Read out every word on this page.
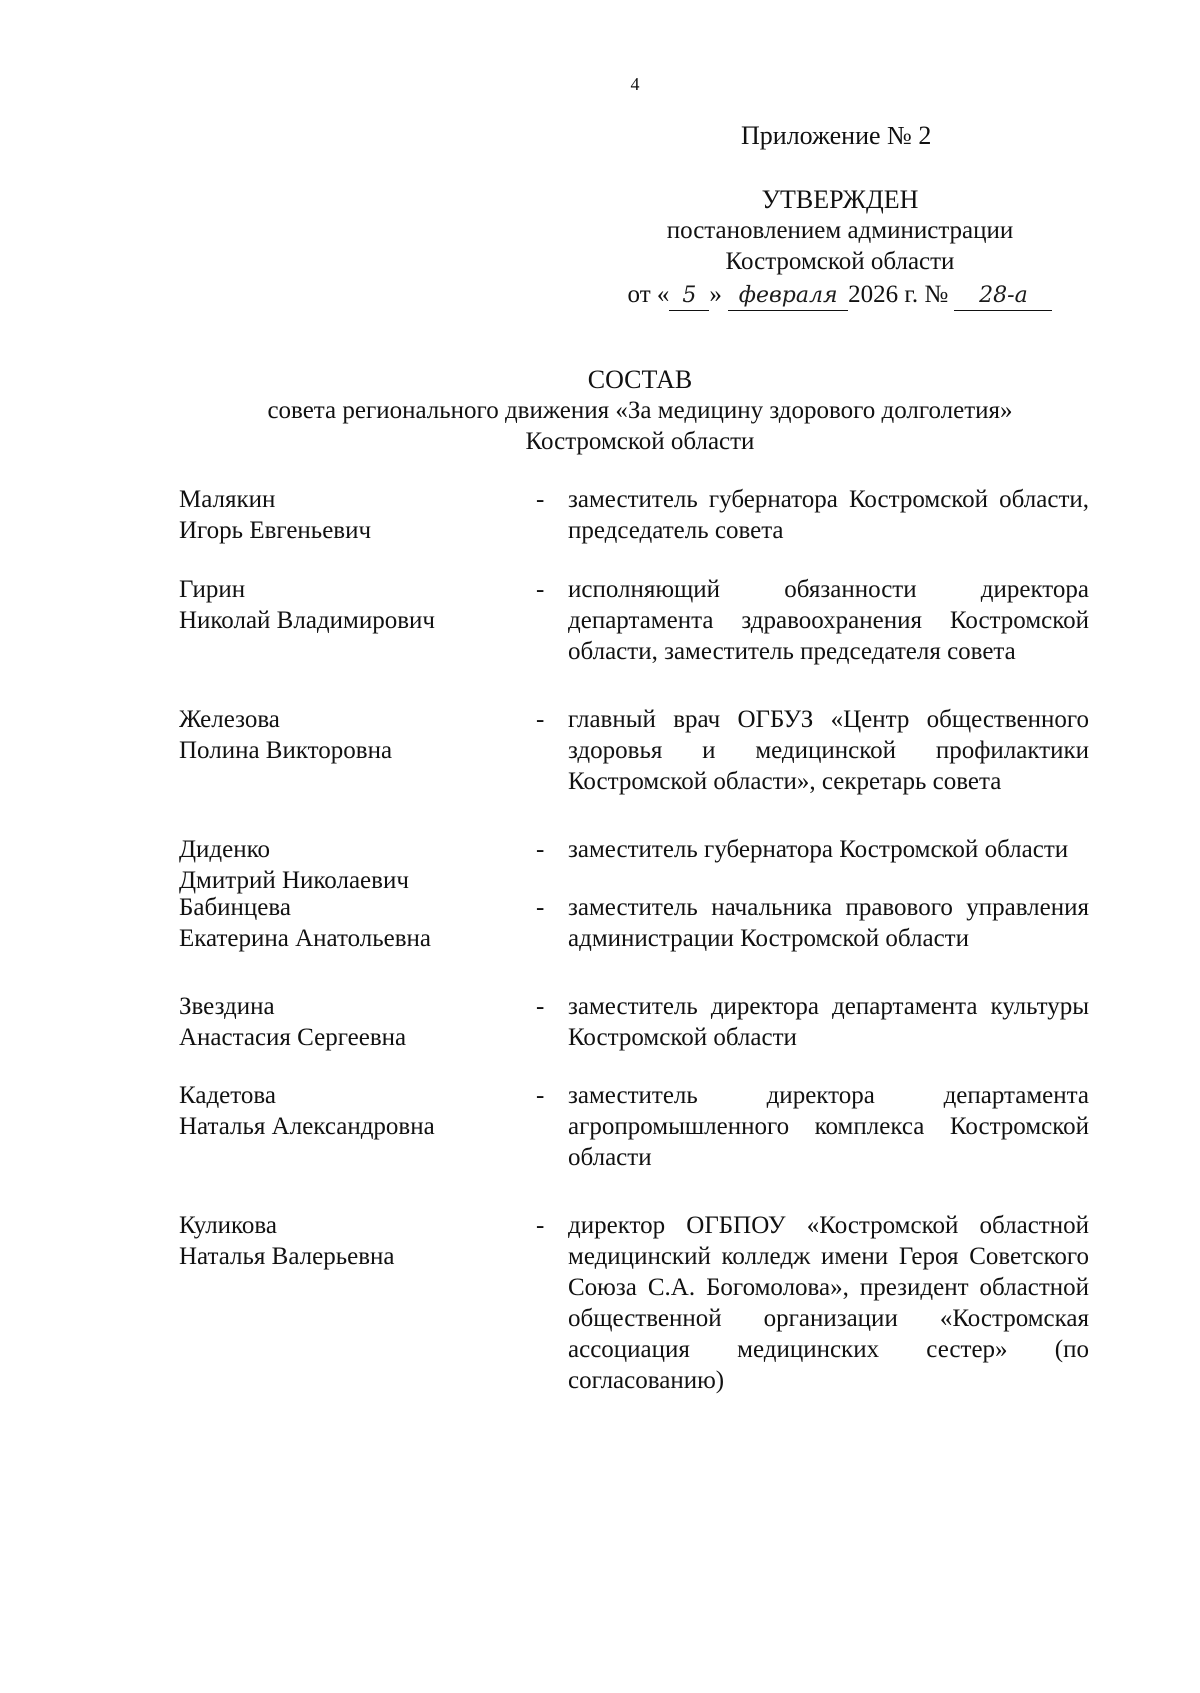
4
Приложение № 2
УТВЕРЖДЕН
постановлением администрации
Костромской области
от « 5 » февраля 2026 г. № 28-а
СОСТАВ
совета регионального движения «За медицину здорового долголетия»
Костромской области
Малякин
Игорь Евгеньевич
- заместитель губернатора Костромской области, председатель совета
Гирин
Николай Владимирович
- исполняющий обязанности директора департамента здравоохранения Костромской области, заместитель председателя совета
Железова
Полина Викторовна
- главный врач ОГБУЗ «Центр общественного здоровья и медицинской профилактики Костромской области», секретарь совета
Диденко
Дмитрий Николаевич
- заместитель губернатора Костромской области
Бабинцева
Екатерина Анатольевна
- заместитель начальника правового управления администрации Костромской области
Звездина
Анастасия Сергеевна
- заместитель директора департамента культуры Костромской области
Кадетова
Наталья Александровна
- заместитель директора департамента агропромышленного комплекса Костромской области
Куликова
Наталья Валерьевна
- директор ОГБПОУ «Костромской областной медицинский колледж имени Героя Советского Союза С.А. Богомолова», президент областной общественной организации «Костромская ассоциация медицинских сестер» (по согласованию)
